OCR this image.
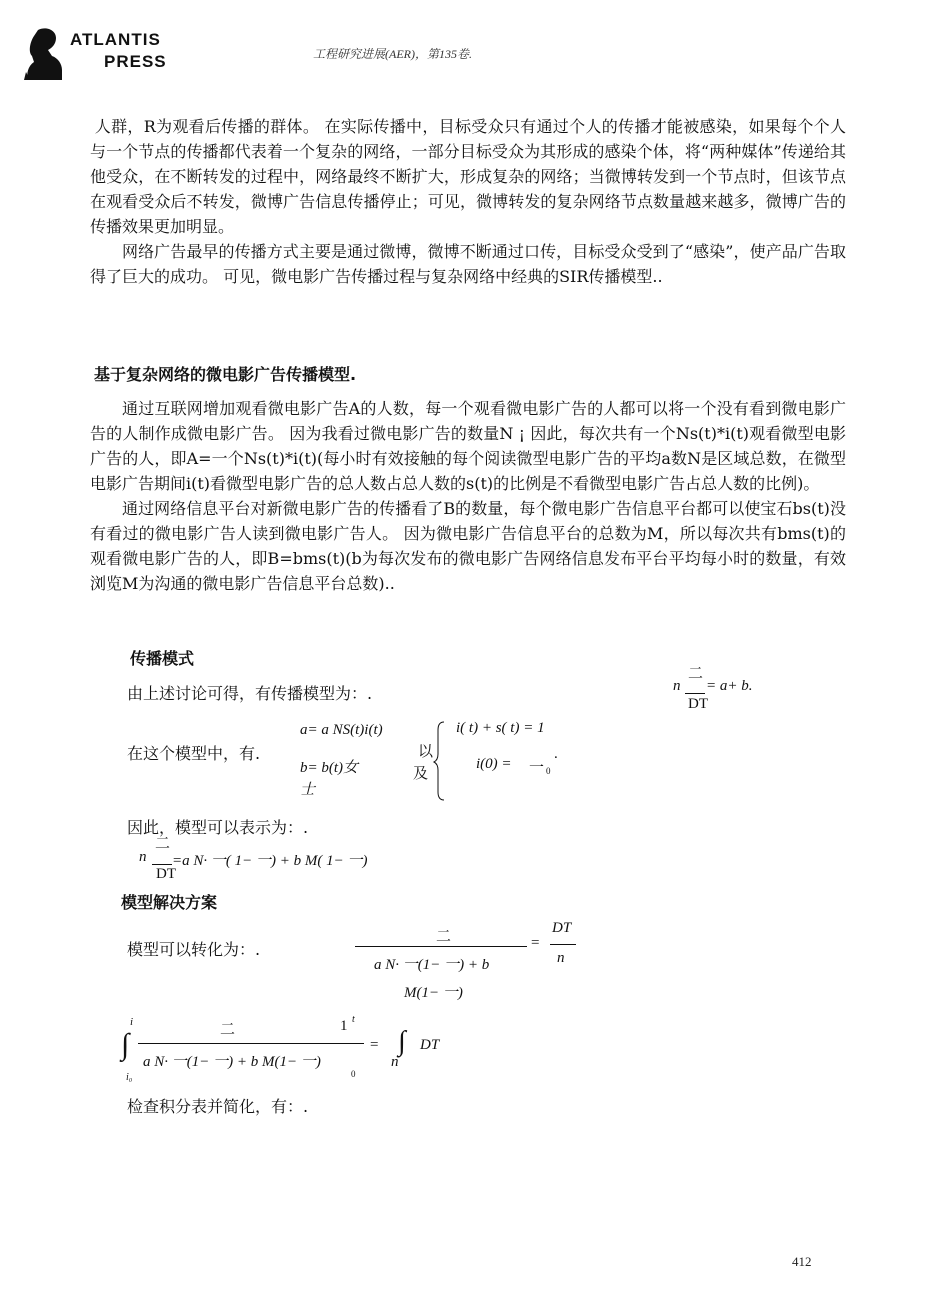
ATLANTIS
PRESS	工程研究进展(AER)，第135卷.

人群，R为观看后传播的群体。 在实际传播中，目标受众只有通过个人的传播才能被感染，如果每个个人与一个节点的传播都代表着一个复杂的网络，一部分目标受众为其形成的感染个体，将“两种媒体”传递给其他受众，在不断转发的过程中，网络最终不断扩大，形成复杂的网络；当微博转发到一个节点时，但该节点在观看受众后不转发，微博广告信息传播停止；可见，微博转发的复杂网络节点数量越来越多，微博广告的传播效果更加明显。

网络广告最早的传播方式主要是通过微博，微博不断通过口传，目标受众受到了“感染”，使产品广告取得了巨大的成功。 可见，微电影广告传播过程与复杂网络中经典的SIR传播模型..

基于复杂网络的微电影广告传播模型.

通过互联网增加观看微电影广告A的人数，每一个观看微电影广告的人都可以将一个没有看到微电影广告的人制作成微电影广告。 因为我看过微电影广告的数量N ¡ 因此，每次共有一个Ns(t)*i(t)观看微型电影广告的人，即A=一个Ns(t)*i(t)(每小时有效接触的每个阅读微型电影广告的平均a数N是区域总数，在微型电影广告期间i(t)看微型电影广告的总人数占总人数的s(t)的比例是不看微型电影广告占总人数的比例)。

通过网络信息平台对新微电影广告的传播看了B的数量，每个微电影广告信息平台都可以使宝石bs(t)没有看过的微电影广告人读到微电影广告人。 因为微电影广告信息平台的总数为M，所以每次共有bms(t)的观看微电影广告的人，即B=bms(t)(b为每次发布的微电影广告网络信息发布平台平均每小时的数量，有效浏览M为沟通的微电影广告信息平台总数)..

传播模式
由上述讨论可得，有传播模型为：.
二
n = a+ b.
DT
在这个模型中，有.
a= a NS(t)i(t)
b= b(t)女
士
以
及
i( t) + s( t) = 1
i(0) = 一 0
.
因此，模型可以表示为：.
二
n =a N· 一( 1− 一) + b M( 1− 一)
DT
模型解决方案
模型可以转化为：.
二
a N· 一(1− 一) + b
M(1− 一)
=
DT
n
i
∫
i₀
二
a N· 一(1− 一) + b M(1− 一)
1 t
0
=
n
∫ DT
检查积分表并简化，有：.
412
